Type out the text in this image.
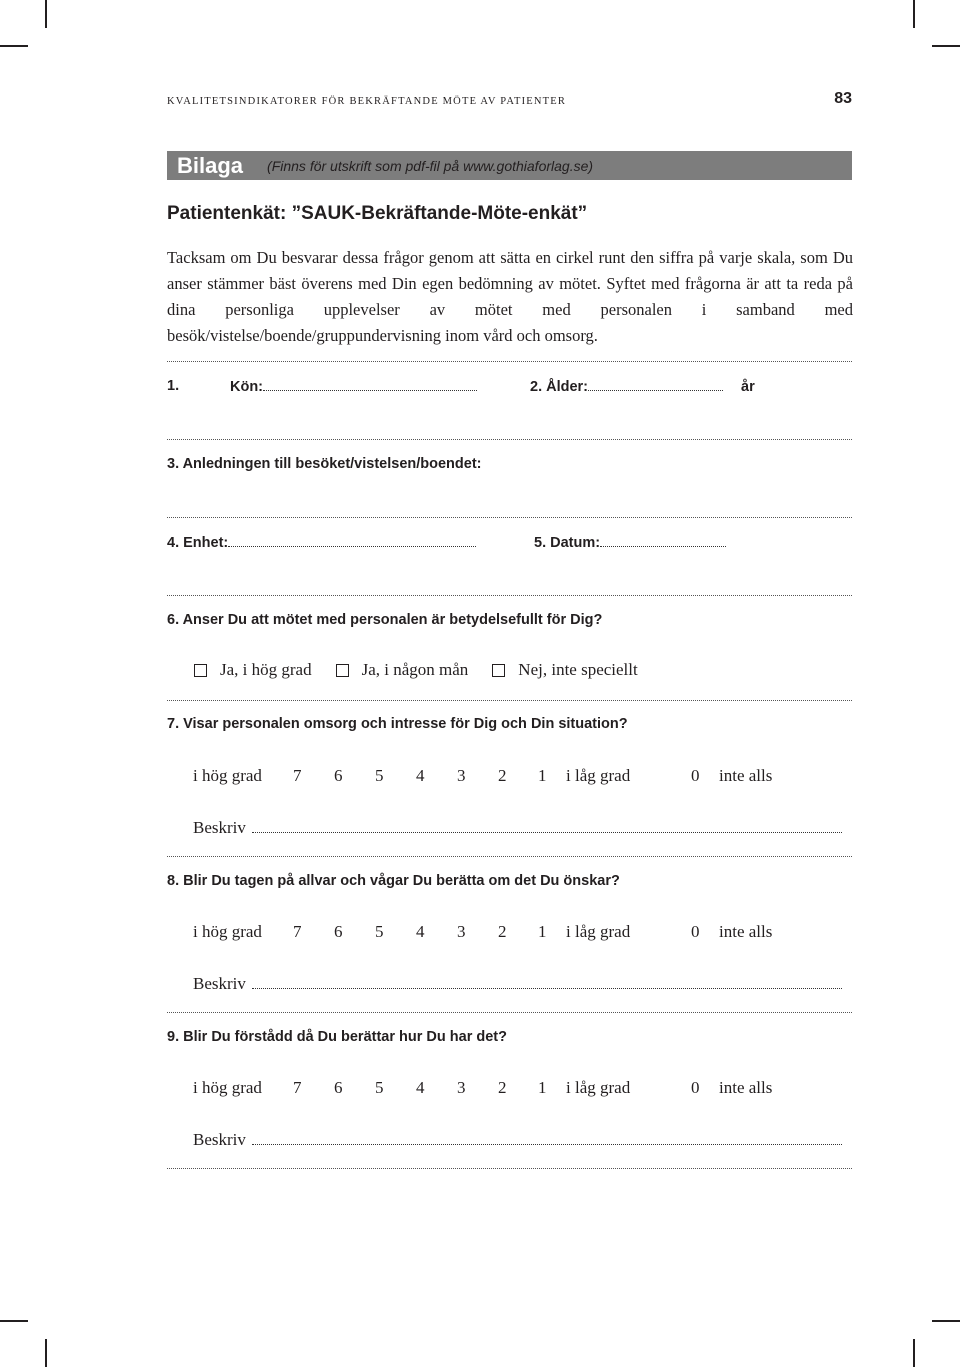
KVALITETSINDIKATORER FÖR BEKRÄFTANDE MÖTE AV PATIENTER	83
Bilaga (Finns för utskrift som pdf-fil på www.gothiaforlag.se)
Patientenkät: ”SAUK-Bekräftande-Möte-enkät”

Tacksam om Du besvarar dessa frågor genom att sätta en cirkel runt den siffra på varje skala, som Du anser stämmer bäst överens med Din egen bedömning av mötet. Syftet med frågorna är att ta reda på dina personliga upplevelser av mötet med personalen i samband med besök/vistelse/boende/gruppundervisning inom vård och omsorg.

1.	Kön:	2. Ålder:	år
3. Anledningen till besöket/vistelsen/boendet:
4. Enhet:	5. Datum:
6. Anser Du att mötet med personalen är betydelsefullt för Dig?
Ja, i hög grad	Ja, i någon mån	Nej, inte speciellt
7. Visar personalen omsorg och intresse för Dig och Din situation?
i hög grad 7 6 5 4 3 2 1 i låg grad	0 inte alls
Beskriv
8. Blir Du tagen på allvar och vågar Du berätta om det Du önskar?
i hög grad 7 6 5 4 3 2 1 i låg grad	0 inte alls
Beskriv
9. Blir Du förstådd då Du berättar hur Du har det?
i hög grad 7 6 5 4 3 2 1 i låg grad	0 inte alls
Beskriv
